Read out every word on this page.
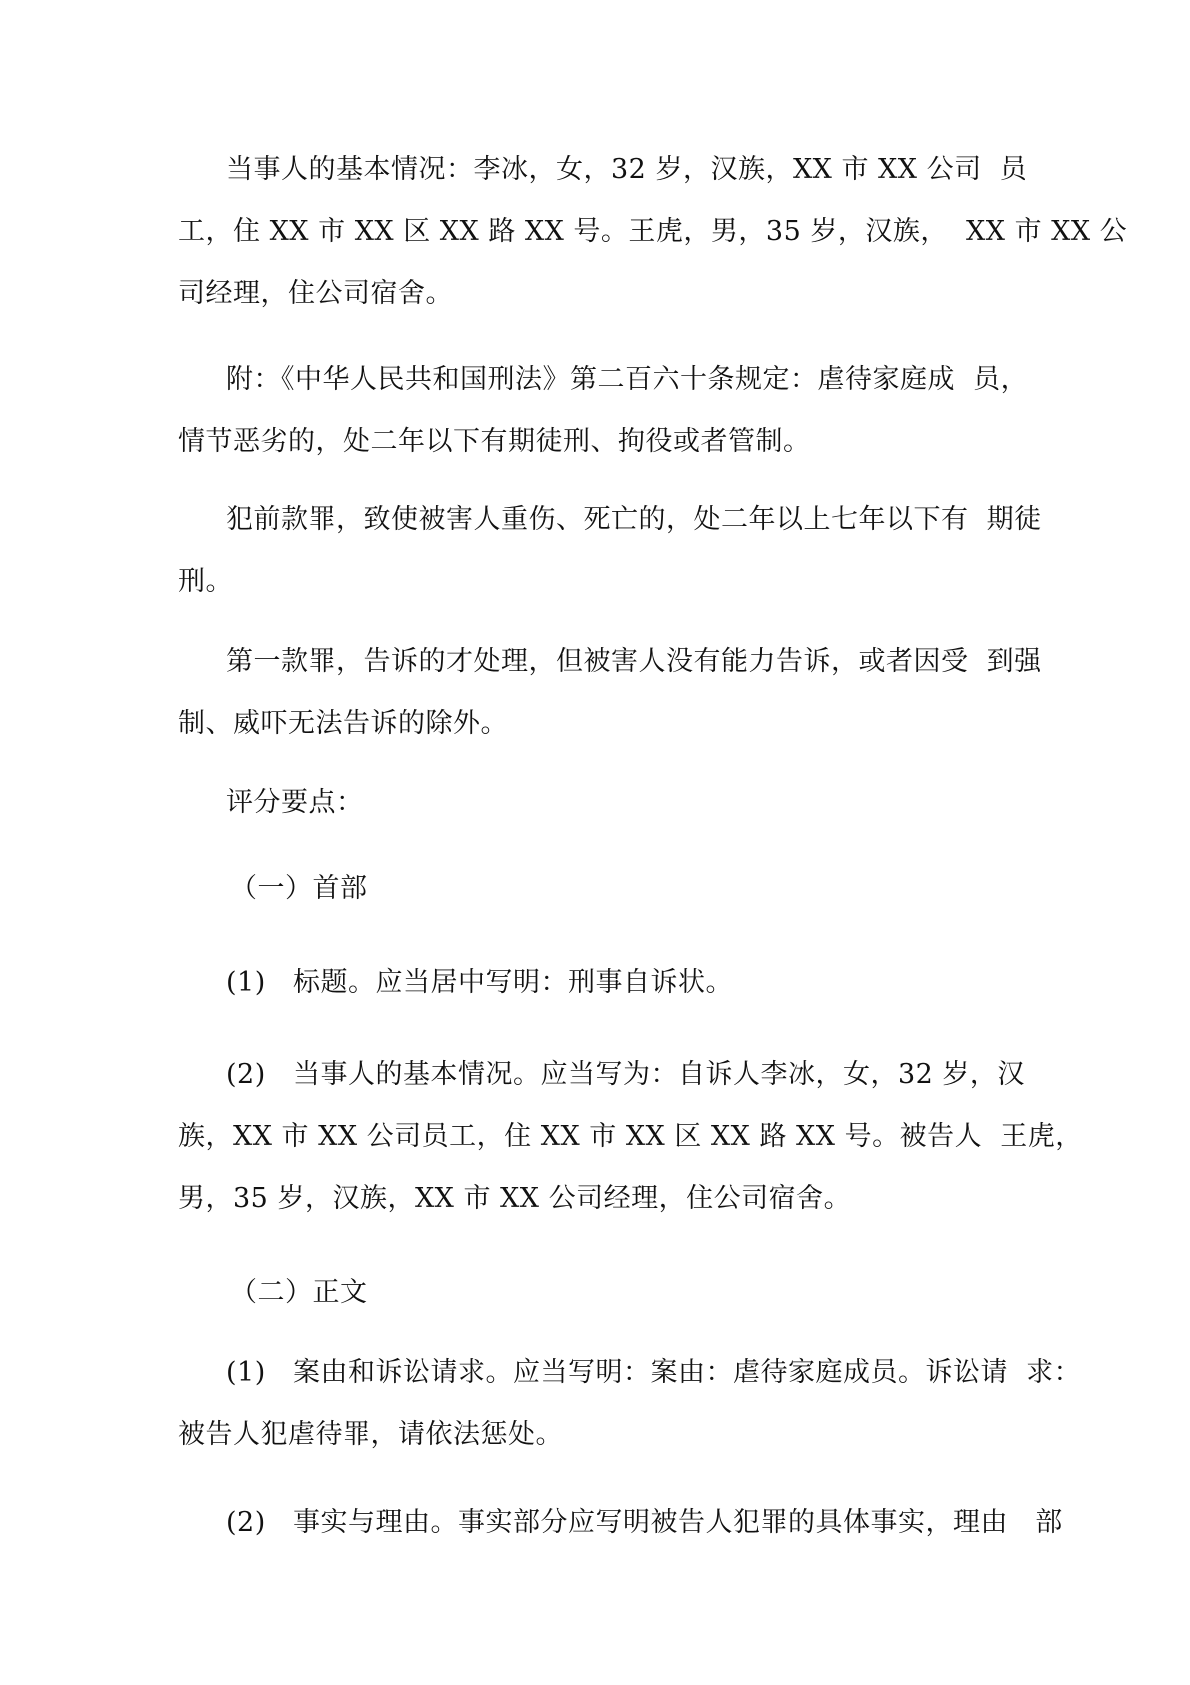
当事人的基本情况：李冰，女，32 岁，汉族，XX 市 XX 公司  员
工，住 XX 市 XX 区 XX 路 XX 号。王虎，男，35 岁，汉族，  XX 市 XX 公
司经理，住公司宿舍。
附：《中华人民共和国刑法》第二百六十条规定：虐待家庭成  员，
情节恶劣的，处二年以下有期徒刑、拘役或者管制。
犯前款罪，致使被害人重伤、死亡的，处二年以上七年以下有  期徒
刑。
第一款罪，告诉的才处理，但被害人没有能力告诉，或者因受  到强
制、威吓无法告诉的除外。
评分要点：
（一）首部
(1)   标题。应当居中写明：刑事自诉状。
(2)   当事人的基本情况。应当写为：自诉人李冰，女，32 岁，汉
族，XX 市 XX 公司员工，住 XX 市 XX 区 XX 路 XX 号。被告人  王虎，
男，35 岁，汉族，XX 市 XX 公司经理，住公司宿舍。
（二）正文
(1)   案由和诉讼请求。应当写明：案由：虐待家庭成员。诉讼请  求：
被告人犯虐待罪，请依法惩处。
(2)   事实与理由。事实部分应写明被告人犯罪的具体事实，理由   部
